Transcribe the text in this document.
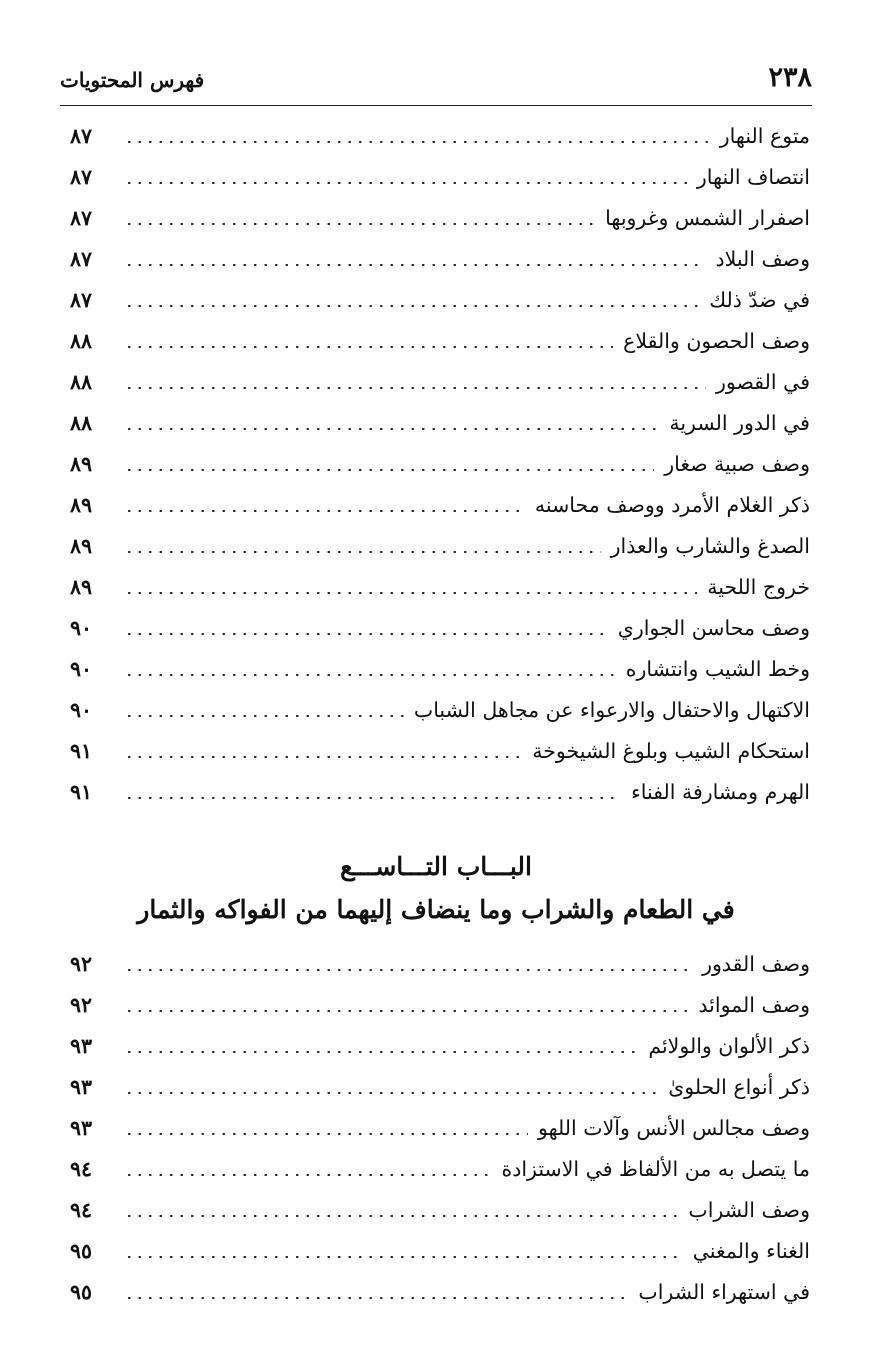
٢٣٨
فهرس المحتويات
متوع النهار
٨٧
انتصاف النهار
٨٧
اصفرار الشمس وغروبها
٨٧
وصف البلاد
٨٧
في ضدّ ذلك
٨٧
وصف الحصون والقلاع
٨٨
في القصور
٨٨
في الدور السرية
٨٨
وصف صبية صغار
٨٩
ذكر الغلام الأمرد ووصف محاسنه
٨٩
الصدغ والشارب والعذار
٨٩
خروج اللحية
٨٩
وصف محاسن الجواري
٩٠
وخط الشيب وانتشاره
٩٠
الاكتهال والاحتفال والارعواء عن مجاهل الشباب
٩٠
استحكام الشيب وبلوغ الشيخوخة
٩١
الهرم ومشارفة الفناء
٩١
البـــاب التـــاســـع
في الطعام والشراب وما ينضاف إليهما من الفواكه والثمار
وصف القدور
٩٢
وصف الموائد
٩٢
ذكر الألوان والولائم
٩٣
ذكر أنواع الحلوىٰ
٩٣
وصف مجالس الأنس وآلات اللهو
٩٣
ما يتصل به من الألفاظ في الاستزادة
٩٤
وصف الشراب
٩٤
الغناء والمغني
٩٥
في استهراء الشراب
٩٥
